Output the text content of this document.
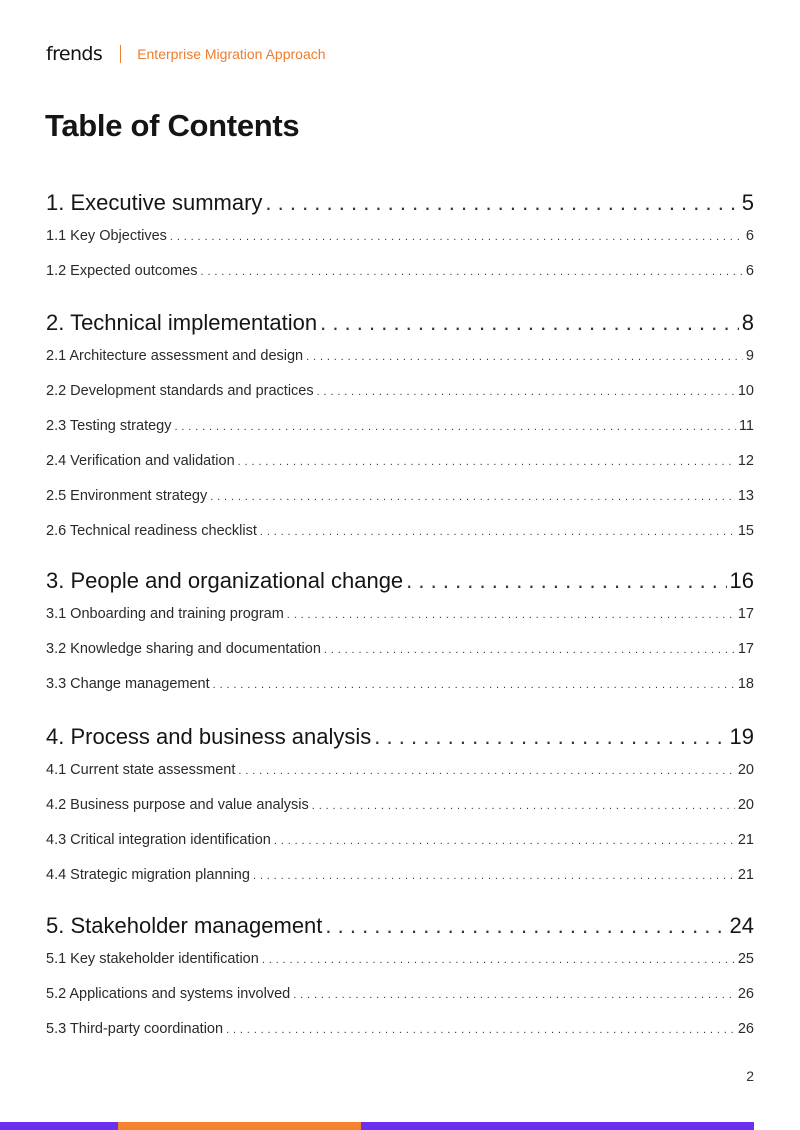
frends	Enterprise Migration Approach
Table of Contents
1. Executive summary . . .	5
1.1 Key Objectives . . .	6
1.2 Expected outcomes . . .	6
2. Technical implementation . . .	8
2.1 Architecture assessment and design . . .	9
2.2 Development standards and practices . . .	10
2.3 Testing strategy . . .	11
2.4 Verification and validation . . .	12
2.5 Environment strategy . . .	13
2.6 Technical readiness checklist . . .	15
3. People and organizational change . . .	16
3.1 Onboarding and training program . . .	17
3.2 Knowledge sharing and documentation . . .	17
3.3 Change management . . .	18
4. Process and business analysis . . .	19
4.1 Current state assessment . . .	20
4.2 Business purpose and value analysis . . .	20
4.3 Critical integration identification . . .	21
4.4 Strategic migration planning . . .	21
5. Stakeholder management . . .	24
5.1 Key stakeholder identification . . .	25
5.2 Applications and systems involved . . .	26
5.3 Third-party coordination . . .	26
2
